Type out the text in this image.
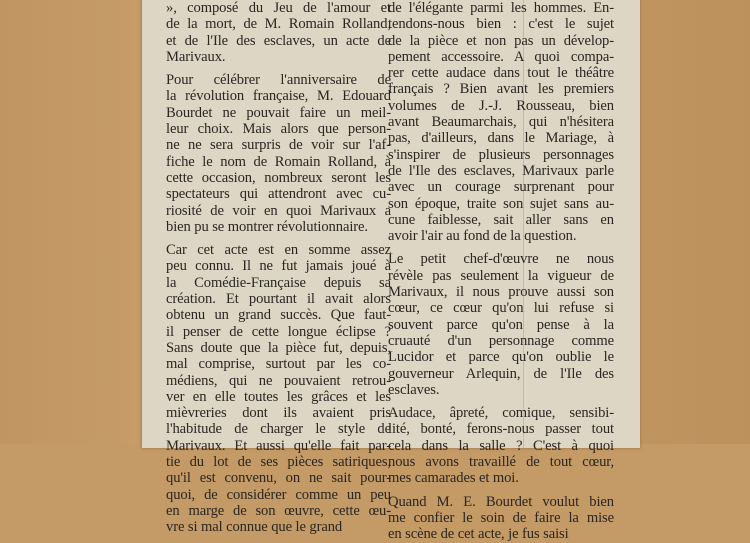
», composé du Jeu de l'amour et
de la mort, de M. Romain Rolland,
et de l'Ile des esclaves, un acte de
Marivaux.
Pour célébrer l'anniversaire de
la révolution française, M. Edouard
Bourdet ne pouvait faire un meil-
leur choix. Mais alors que person-
ne ne sera surpris de voir sur l'af-
fiche le nom de Romain Rolland, à
cette occasion, nombreux seront les
spectateurs qui attendront avec cu-
riosité de voir en quoi Marivaux a
bien pu se montrer révolutionnaire.
Car cet acte est en somme assez
peu connu. Il ne fut jamais joué à
la Comédie-Française depuis sa
création. Et pourtant il avait alors
obtenu un grand succès. Que faut-
il penser de cette longue éclipse ?
Sans doute que la pièce fut, depuis,
mal comprise, surtout par les co-
médiens, qui ne pouvaient retrou-
ver en elle toutes les grâces et les
mièvreries dont ils avaient pris
l'habitude de charger le style de
Marivaux. Et aussi qu'elle fait par-
tie du lot de ses pièces satiriques,
qu'il est convenu, on ne sait pour-
quoi, de considérer comme un peu
en marge de son œuvre, cette œu-
vre si mal connue que le grand
de l'élégante parmi les hommes. En-
tendons-nous bien : c'est le sujet
de la pièce et non pas un dévelop-
pement accessoire. A quoi compa-
rer cette audace dans tout le théâtre
français ? Bien avant les premiers
volumes de J.-J. Rousseau, bien
avant Beaumarchais, qui n'hésitera
pas, d'ailleurs, dans le Mariage, à
s'inspirer de plusieurs personnages
de l'Ile des esclaves, Marivaux parle
avec un courage surprenant pour
son époque, traite son sujet sans au-
cune faiblesse, sait aller sans en
avoir l'air au fond de la question.
Le petit chef-d'œuvre ne nous
révèle pas seulement la vigueur de
Marivaux, il nous prouve aussi son
cœur, ce cœur qu'on lui refuse si
souvent parce qu'on pense à la
cruauté d'un personnage comme
Lucidor et parce qu'on oublie le
gouverneur Arlequin, de l'Ile des
esclaves.
Audace, âpreté, comique, sensibi-
lité, bonté, ferons-nous passer tout
cela dans la salle ? C'est à quoi
nous avons travaillé de tout cœur,
mes camarades et moi.
Quand M. E. Bourdet voulut bien
me confier le soin de faire la mise
en scène de cet acte, je fus saisi
